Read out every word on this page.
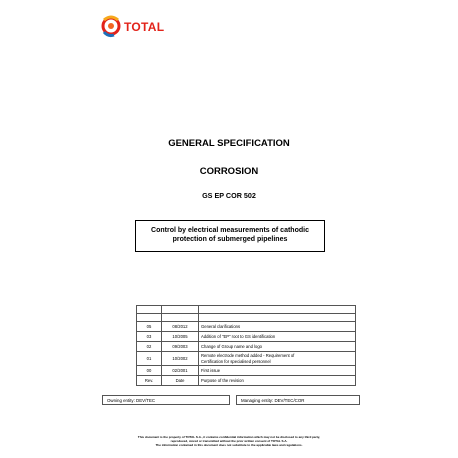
TOTAL
GENERAL SPECIFICATION
CORROSION
GS EP COR 502
Control by electrical measurements of cathodic
protection of submerged pipelines

05	08/2012	General clarifications
03	10/2005	Addition of "EP" root to GS identification
02	09/2003	Change of Group name and logo
01	10/2002	Remote electrode method added - Requirement of
Certification for specialised personnel

00	02/2001	First issue
Rev.	Date	Purpose of the revision
Owning entity: DEV/TEC	Managing entity: DEV/TEC/COR
This document is the property of TOTAL S.A., it contains confidential information which may not be disclosed to any third party,
reproduced, stored or transmitted without the prior written consent of TOTAL S.A.
The information contained in this document does not substitute to the applicable laws and regulations.
